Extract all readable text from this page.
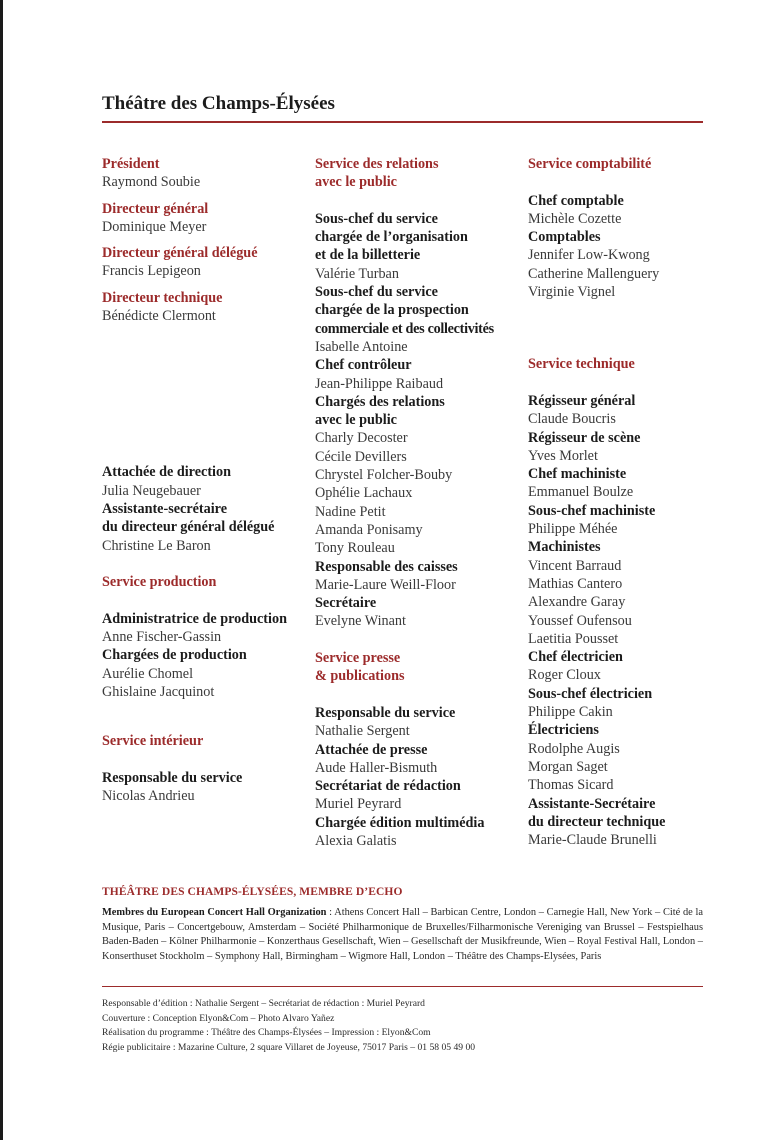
Théâtre des Champs-Élysées
Président
Raymond Soubie
Directeur général
Dominique Meyer
Directeur général délégué
Francis Lepigeon
Directeur technique
Bénédicte Clermont
Attachée de direction
Julia Neugebauer
Assistante-secrétaire
du directeur général délégué
Christine Le Baron
Service production
Administratrice de production
Anne Fischer-Gassin
Chargées de production
Aurélie Chomel
Ghislaine Jacquinot
Service intérieur
Responsable du service
Nicolas Andrieu
Service des relations
avec le public
Sous-chef du service
chargée de l’organisation
et de la billetterie
Valérie Turban
Sous-chef du service
chargée de la prospection
commerciale et des collectivités
Isabelle Antoine
Chef contrôleur
Jean-Philippe Raibaud
Chargés des relations
avec le public
Charly Decoster
Cécile Devillers
Chrystel Folcher-Bouby
Ophélie Lachaux
Nadine Petit
Amanda Ponisamy
Tony Rouleau
Responsable des caisses
Marie-Laure Weill-Floor
Secrétaire
Evelyne Winant
Service presse
& publications
Responsable du service
Nathalie Sergent
Attachée de presse
Aude Haller-Bismuth
Secrétariat de rédaction
Muriel Peyrard
Chargée édition multimédia
Alexia Galatis
Service comptabilité
Chef comptable
Michèle Cozette
Comptables
Jennifer Low-Kwong
Catherine Mallenguery
Virginie Vignel
Service technique
Régisseur général
Claude Boucris
Régisseur de scène
Yves Morlet
Chef machiniste
Emmanuel Boulze
Sous-chef machiniste
Philippe Méhée
Machinistes
Vincent Barraud
Mathias Cantero
Alexandre Garay
Youssef Oufensou
Laetitia Pousset
Chef électricien
Roger Cloux
Sous-chef électricien
Philippe Cakin
Électriciens
Rodolphe Augis
Morgan Saget
Thomas Sicard
Assistante-Secrétaire
du directeur technique
Marie-Claude Brunelli
THÉÂTRE DES CHAMPS-ÉLYSÉES, MEMBRE D’ECHO

Membres du European Concert Hall Organization : Athens Concert Hall – Barbican Centre, London – Carnegie Hall, New York – Cité de la Musique, Paris – Concertgebouw, Amsterdam – Société Philharmonique de Bruxelles/Filharmonische Vereniging van Brussel – Festspielhaus Baden-Baden – Kölner Philharmonie – Konzerthaus Gesellschaft, Wien – Gesellschaft der Musikfreunde, Wien – Royal Festival Hall, London – Konserthuset Stockholm – Symphony Hall, Birmingham – Wigmore Hall, London – Théâtre des Champs-Elysées, Paris

Responsable d’édition : Nathalie Sergent – Secrétariat de rédaction : Muriel Peyrard
Couverture : Conception Elyon&Com – Photo Alvaro Yañez
Réalisation du programme : Théâtre des Champs-Élysées – Impression : Elyon&Com
Régie publicitaire : Mazarine Culture, 2 square Villaret de Joyeuse, 75017 Paris – 01 58 05 49 00
